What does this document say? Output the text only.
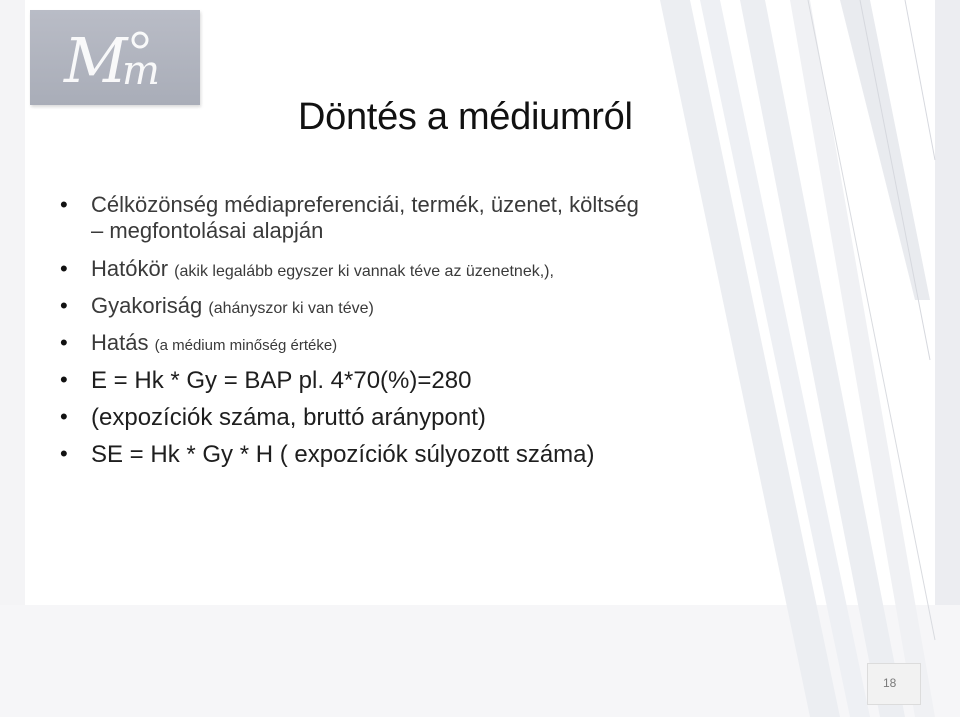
M
m
Döntés a médiumról
• Célközönség médiapreferenciái, termék, üzenet, költség
– megfontolásai alapján
• Hatókör (akik legalább egyszer ki vannak téve az üzenetnek,),
• Gyakoriság (ahányszor ki van téve)
• Hatás (a médium minőség értéke)
• E = Hk * Gy = BAP pl. 4*70(%)=280
• (expozíciók száma, bruttó aránypont)
• SE = Hk * Gy * H ( expozíciók súlyozott száma)
18
